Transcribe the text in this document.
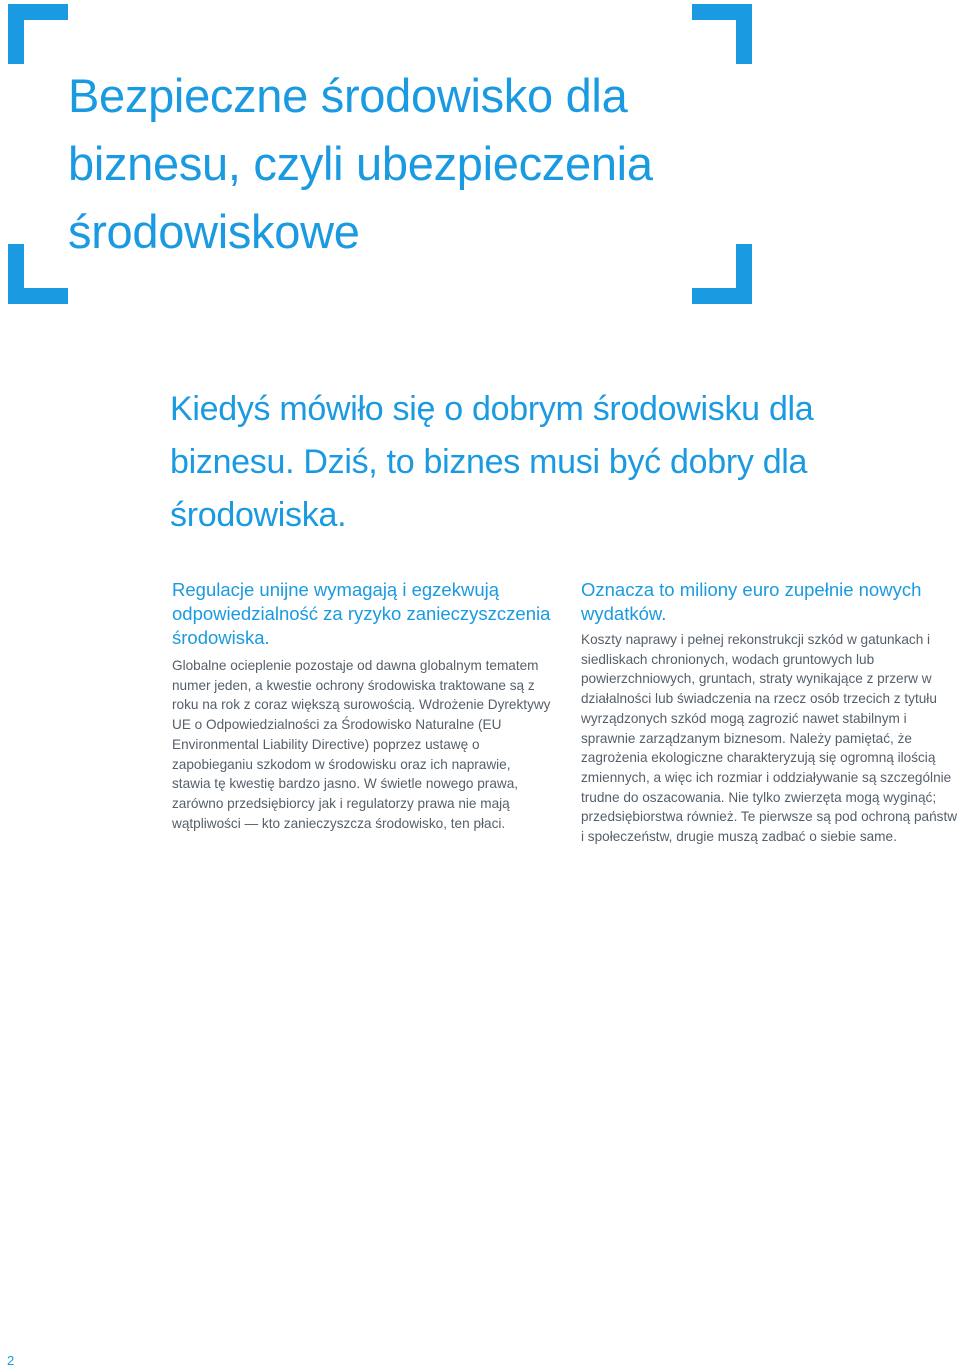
Bezpieczne środowisko dla biznesu, czyli ubezpieczenia środowiskowe

Kiedyś mówiło się o dobrym środowisku dla biznesu. Dziś, to biznes musi być dobry dla środowiska.

Regulacje unijne wymagają i egzekwują odpowiedzialność za ryzyko zanieczyszczenia środowiska.

Globalne ocieplenie pozostaje od dawna globalnym tematem numer jeden, a kwestie ochrony środowiska traktowane są z roku na rok z coraz większą surowością. Wdrożenie Dyrektywy UE o Odpowiedzialności za Środowisko Naturalne (EU Environmental Liability Directive) poprzez ustawę o zapobieganiu szkodom w środowisku oraz ich naprawie, stawia tę kwestię bardzo jasno. W świetle nowego prawa, zarówno przedsiębiorcy jak i regulatorzy prawa nie mają wątpliwości — kto zanieczyszcza środowisko, ten płaci.

Oznacza to miliony euro zupełnie nowych wydatków.

Koszty naprawy i pełnej rekonstrukcji szkód w gatunkach i siedliskach chronionych, wodach gruntowych lub powierzchniowych, gruntach, straty wynikające z przerw w działalności lub świadczenia na rzecz osób trzecich z tytułu wyrządzonych szkód mogą zagrozić nawet stabilnym i sprawnie zarządzanym biznesom. Należy pamiętać, że zagrożenia ekologiczne charakteryzują się ogromną ilością zmiennych, a więc ich rozmiar i oddziaływanie są szczególnie trudne do oszacowania. Nie tylko zwierzęta mogą wyginąć; przedsiębiorstwa również. Te pierwsze są pod ochroną państw i społeczeństw, drugie muszą zadbać o siebie same.

2
